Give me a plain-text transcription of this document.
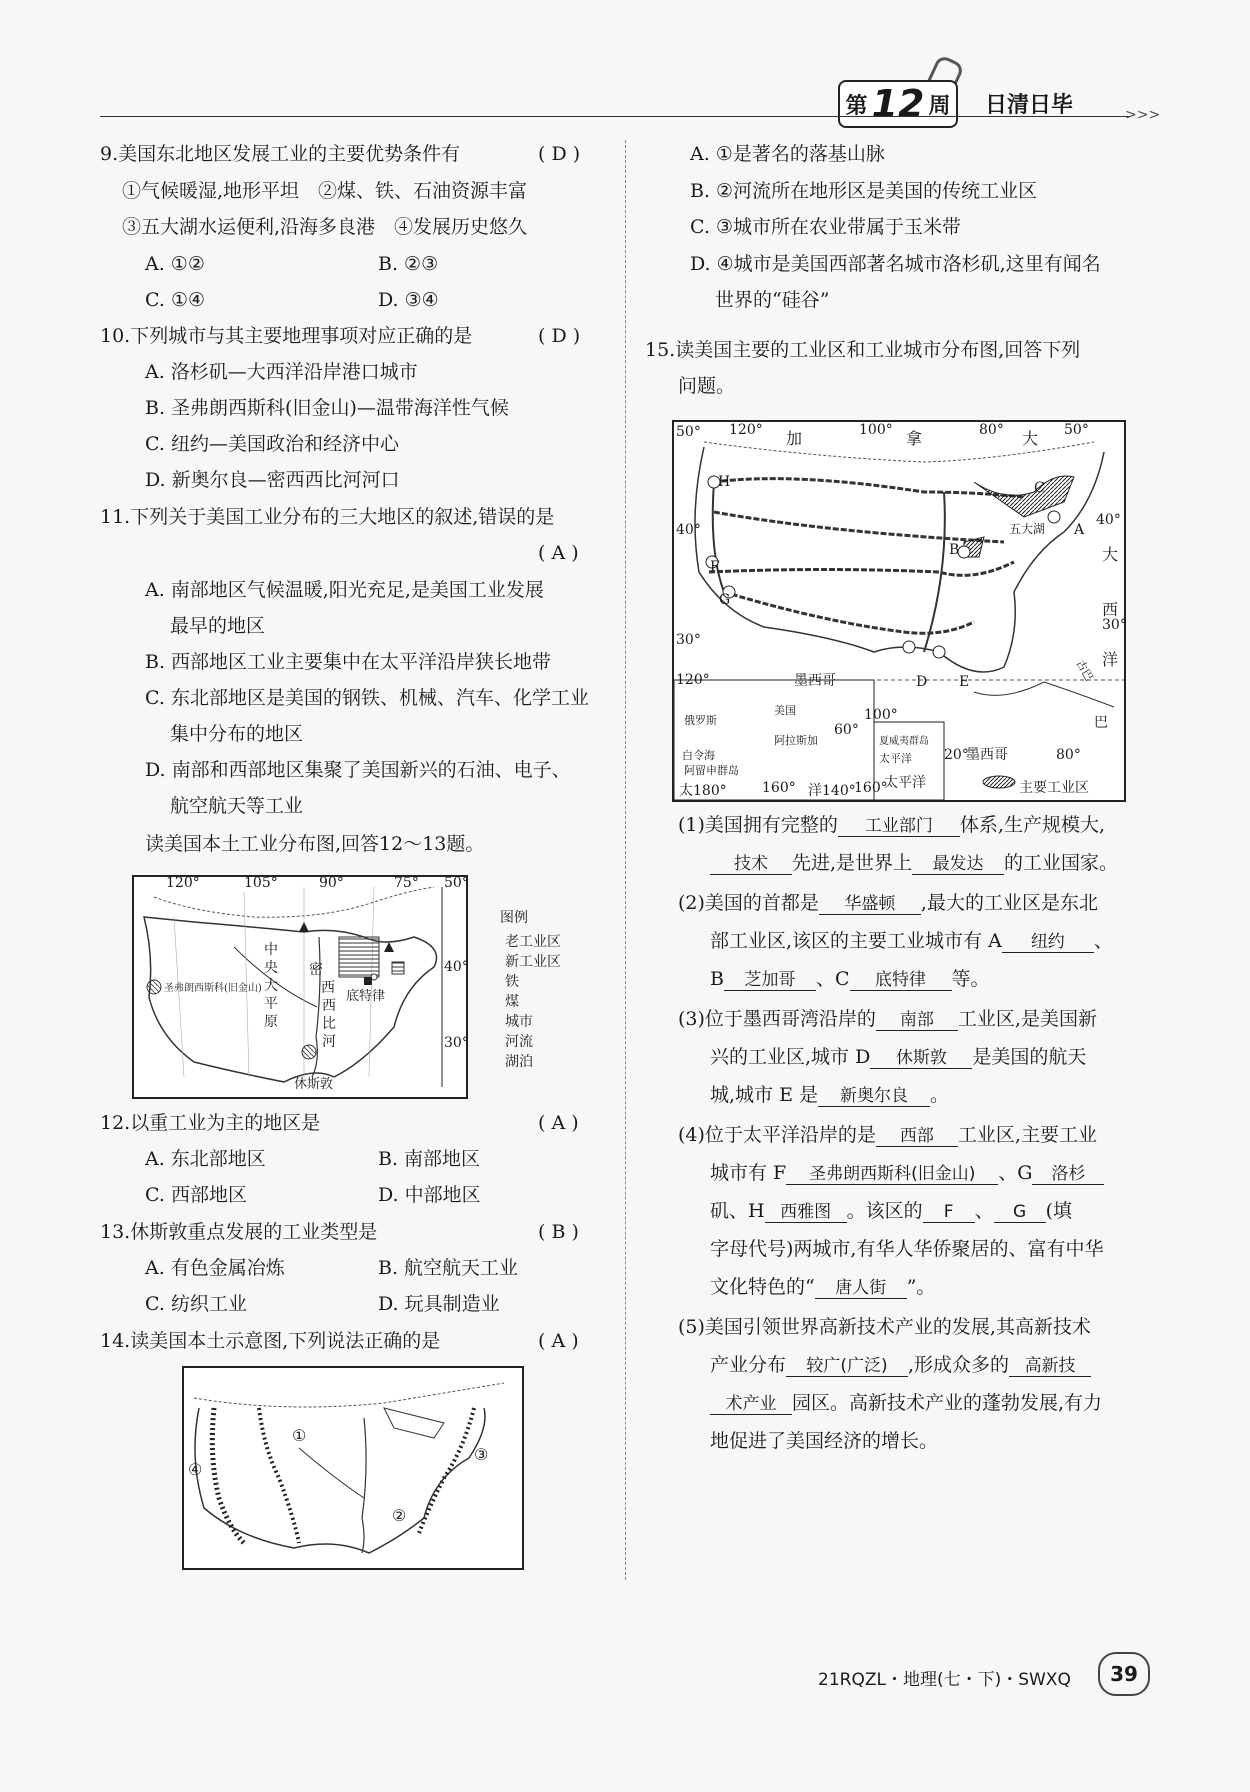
第 12 周 日清日毕	>>>
9.美国东北地区发展工业的主要优势条件有	( D )
①气候暖湿,地形平坦　②煤、铁、石油资源丰富
③五大湖水运便利,沿海多良港　④发展历史悠久
A. ①②	B. ②③
C. ①④	D. ③④
10.下列城市与其主要地理事项对应正确的是	( D )
A. 洛杉矶—大西洋沿岸港口城市
B. 圣弗朗西斯科(旧金山)—温带海洋性气候
C. 纽约—美国政治和经济中心
D. 新奥尔良—密西西比河河口
11.下列关于美国工业分布的三大地区的叙述,错误的是
( A )
A. 南部地区气候温暖,阳光充足,是美国工业发展
最早的地区
B. 西部地区工业主要集中在太平洋沿岸狭长地带
C. 东北部地区是美国的钢铁、机械、汽车、化学工业
集中分布的地区
D. 南部和西部地区集聚了美国新兴的石油、电子、
航空航天等工业
读美国本土工业分布图,回答12～13题。
120°	105°	90°	75° 50°
40°
30°
中
央
大
平
原
密
西
西
比
河
圣弗朗西斯科(旧金山)
底特律
休斯敦
图例
老工业区
新工业区
铁
煤
城市
河流
湖泊
12.以重工业为主的地区是	( A )
A. 东北部地区	B. 南部地区
C. 西部地区	D. 中部地区
13.休斯敦重点发展的工业类型是	( B )
A. 有色金属冶炼	B. 航空航天工业
C. 纺织工业	D. 玩具制造业
14.读美国本土示意图,下列说法正确的是	( A )
①
②
③
④
A. ①是著名的落基山脉
B. ②河流所在地形区是美国的传统工业区
C. ③城市所在农业带属于玉米带
D. ④城市是美国西部著名城市洛杉矶,这里有闻名
世界的“硅谷”
15.读美国主要的工业区和工业城市分布图,回答下列
问题。
50° 120° 加	100° 拿	80° 大 50°
40°
40°
30°
30°
H
A
B
C
D E
F
G
五大湖
大
西
洋
墨西哥
巴
太平洋
墨西哥
古巴
俄罗斯
美国
阿拉斯加
白令海
阿留申群岛
夏威夷群岛
太平洋
120°
60°
100°
20°	80°
太180°	160° 洋140°
160°	主要工业区
(1)美国拥有完整的 工业部门 体系,生产规模大,
技术 先进,是世界上 最发达 的工业国家。
(2)美国的首都是 华盛顿 ,最大的工业区是东北
部工业区,该区的主要工业城市有 A 纽约 、
B 芝加哥 、C 底特律 等。
(3)位于墨西哥湾沿岸的 南部 工业区,是美国新
兴的工业区,城市 D 休斯敦 是美国的航天
城,城市 E 是 新奥尔良 。
(4)位于太平洋沿岸的是 西部 工业区,主要工业
城市有 F 圣弗朗西斯科(旧金山) 、G 洛杉
矶、H 西雅图 。该区的 F 、 G (填
字母代号)两城市,有华人华侨聚居的、富有中华
文化特色的“ 唐人街 ”。
(5)美国引领世界高新技术产业的发展,其高新技术
产业分布 较广(广泛) ,形成众多的 高新技
术产业 园区。高新技术产业的蓬勃发展,有力
地促进了美国经济的增长。
21RQZL・地理(七・下)・SWXQ	39
